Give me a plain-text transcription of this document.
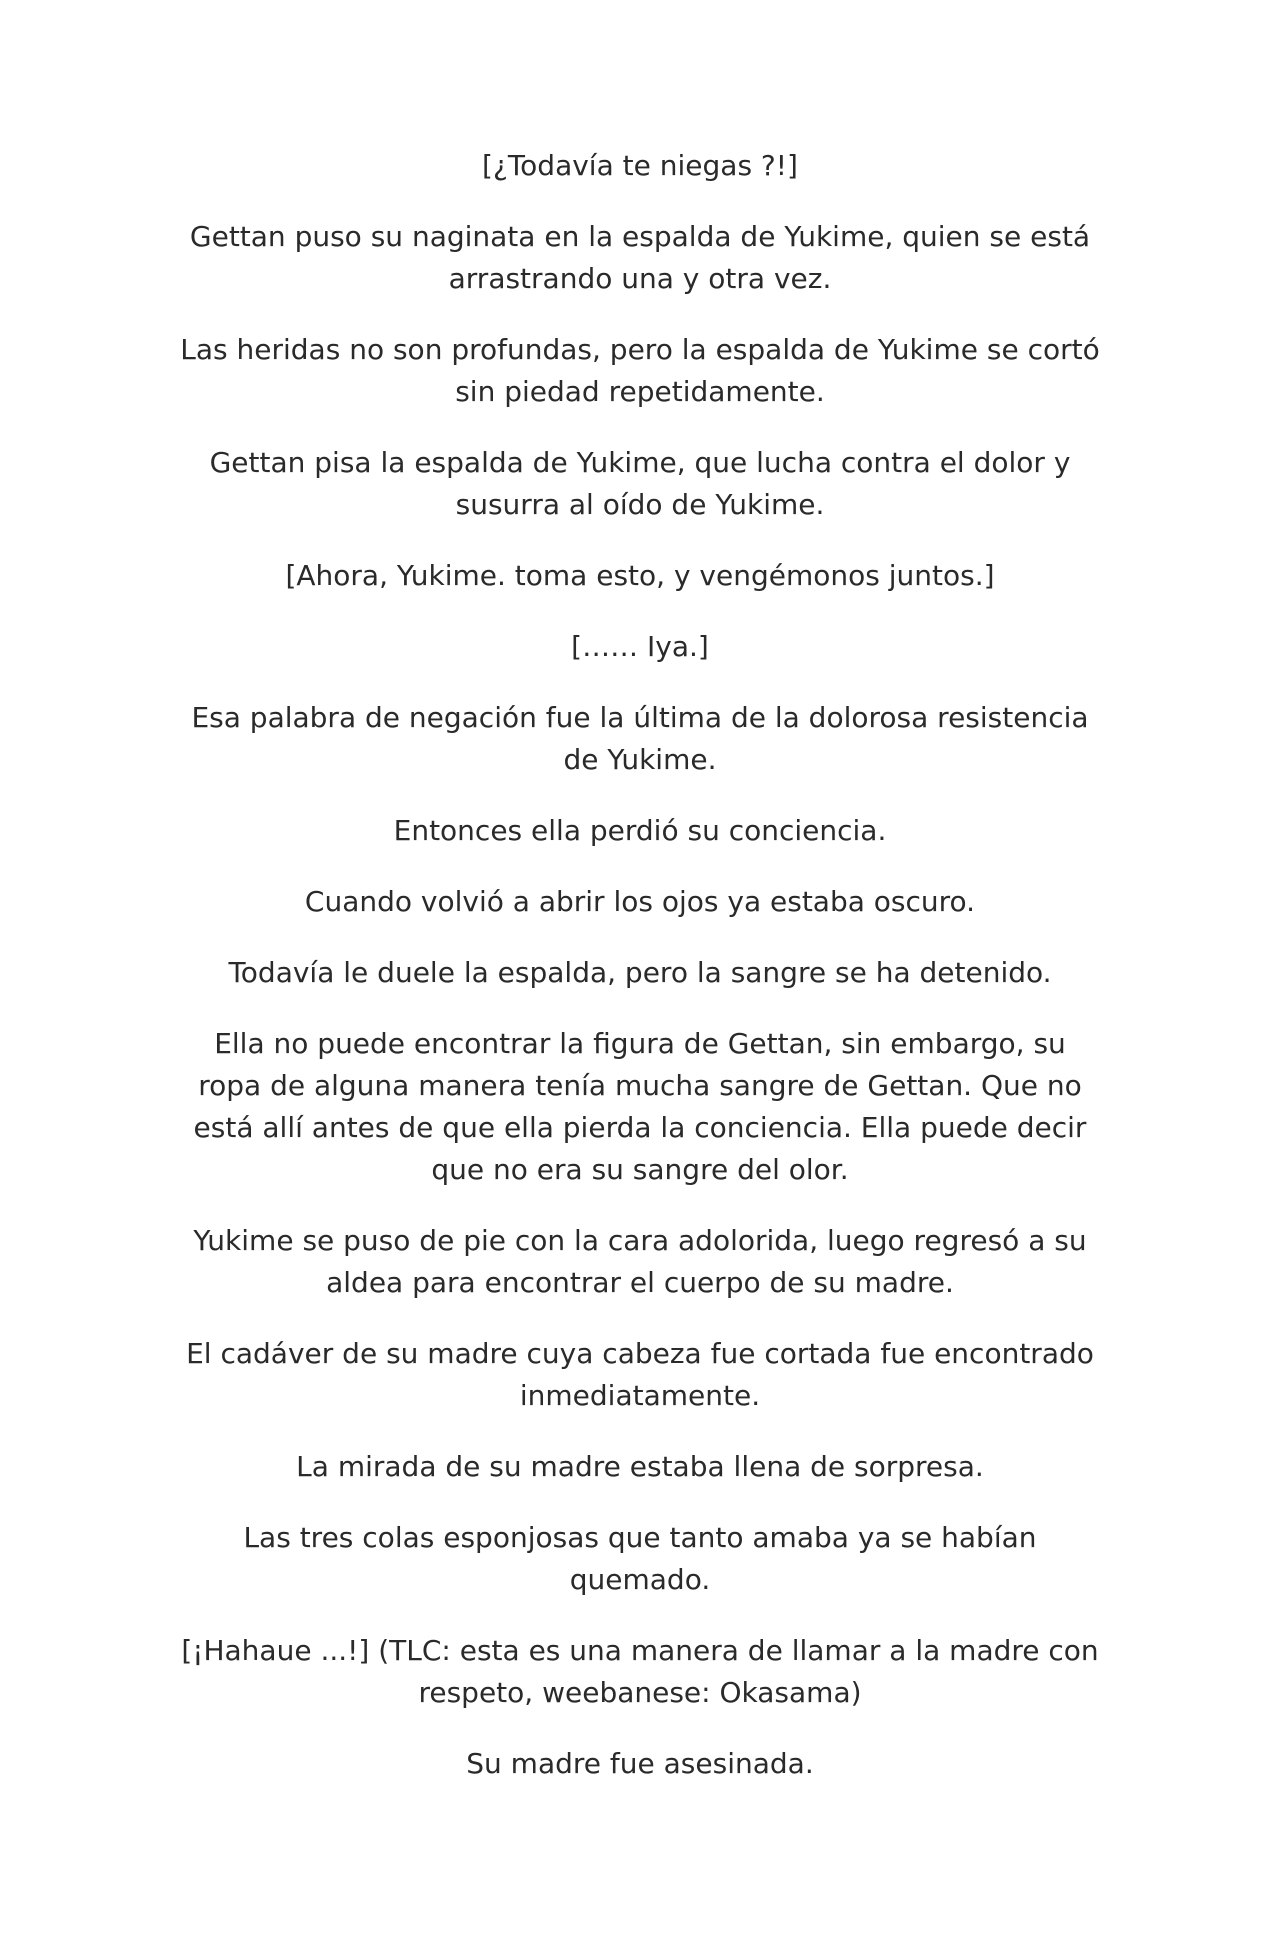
[¿Todavía te niegas ?!]

Gettan puso su naginata en la espalda de Yukime, quien se está arrastrando una y otra vez.

Las heridas no son profundas, pero la espalda de Yukime se cortó sin piedad repetidamente.

Gettan pisa la espalda de Yukime, que lucha contra el dolor y susurra al oído de Yukime.

[Ahora, Yukime. toma esto, y vengémonos juntos.]

[…… Iya.]

Esa palabra de negación fue la última de la dolorosa resistencia de Yukime.

Entonces ella perdió su conciencia.

Cuando volvió a abrir los ojos ya estaba oscuro.

Todavía le duele la espalda, pero la sangre se ha detenido.

Ella no puede encontrar la figura de Gettan, sin embargo, su ropa de alguna manera tenía mucha sangre de Gettan. Que no está allí antes de que ella pierda la conciencia. Ella puede decir que no era su sangre del olor.

Yukime se puso de pie con la cara adolorida, luego regresó a su aldea para encontrar el cuerpo de su madre.

El cadáver de su madre cuya cabeza fue cortada fue encontrado inmediatamente.

La mirada de su madre estaba llena de sorpresa.

Las tres colas esponjosas que tanto amaba ya se habían quemado.

[¡Hahaue ...!] (TLC: esta es una manera de llamar a la madre con respeto, weebanese: Okasama)

Su madre fue asesinada.
